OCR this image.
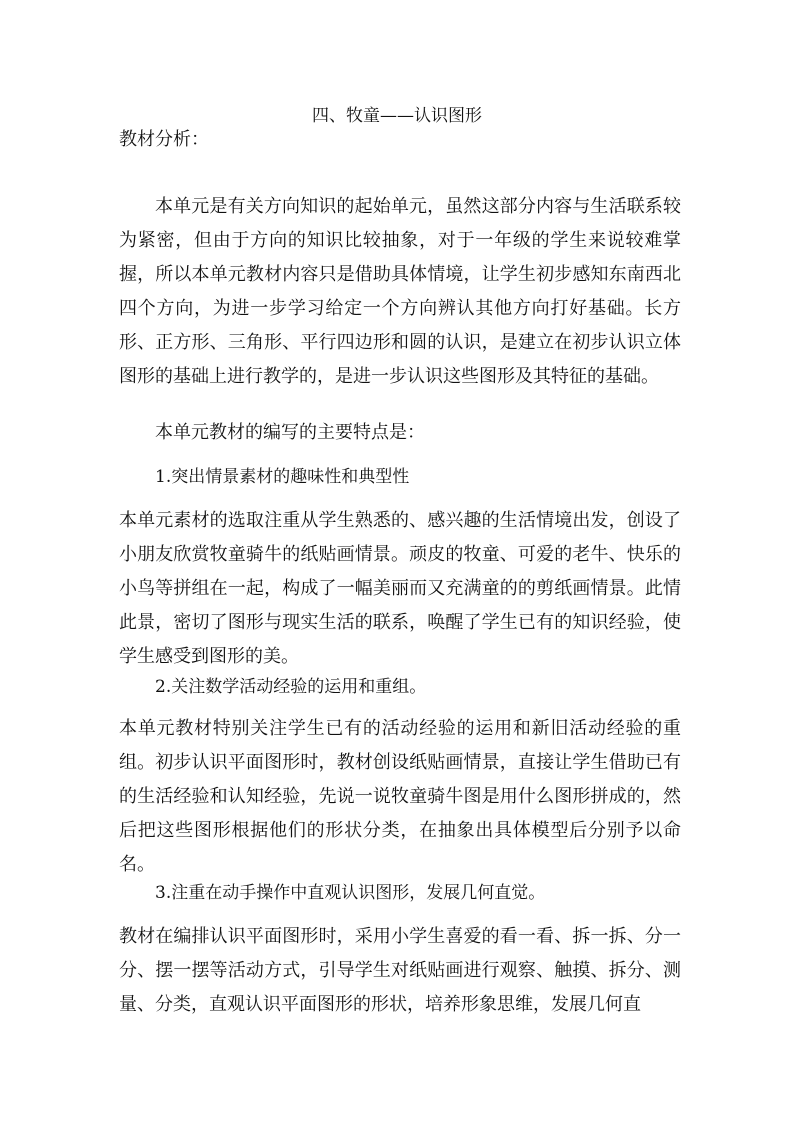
四、牧童——认识图形
教材分析：
本单元是有关方向知识的起始单元，虽然这部分内容与生活联系较为紧密，但由于方向的知识比较抽象，对于一年级的学生来说较难掌握，所以本单元教材内容只是借助具体情境，让学生初步感知东南西北四个方向，为进一步学习给定一个方向辨认其他方向打好基础。长方形、正方形、三角形、平行四边形和圆的认识，是建立在初步认识立体图形的基础上进行教学的，是进一步认识这些图形及其特征的基础。
本单元教材的编写的主要特点是：
1.突出情景素材的趣味性和典型性
本单元素材的选取注重从学生熟悉的、感兴趣的生活情境出发，创设了小朋友欣赏牧童骑牛的纸贴画情景。顽皮的牧童、可爱的老牛、快乐的小鸟等拼组在一起，构成了一幅美丽而又充满童的的剪纸画情景。此情此景，密切了图形与现实生活的联系，唤醒了学生已有的知识经验，使学生感受到图形的美。
2.关注数学活动经验的运用和重组。
本单元教材特别关注学生已有的活动经验的运用和新旧活动经验的重组。初步认识平面图形时，教材创设纸贴画情景，直接让学生借助已有的生活经验和认知经验，先说一说牧童骑牛图是用什么图形拼成的，然后把这些图形根据他们的形状分类，在抽象出具体模型后分别予以命名。
3.注重在动手操作中直观认识图形，发展几何直觉。
教材在编排认识平面图形时，采用小学生喜爱的看一看、拆一拆、分一分、摆一摆等活动方式，引导学生对纸贴画进行观察、触摸、拆分、测量、分类，直观认识平面图形的形状，培养形象思维，发展几何直
